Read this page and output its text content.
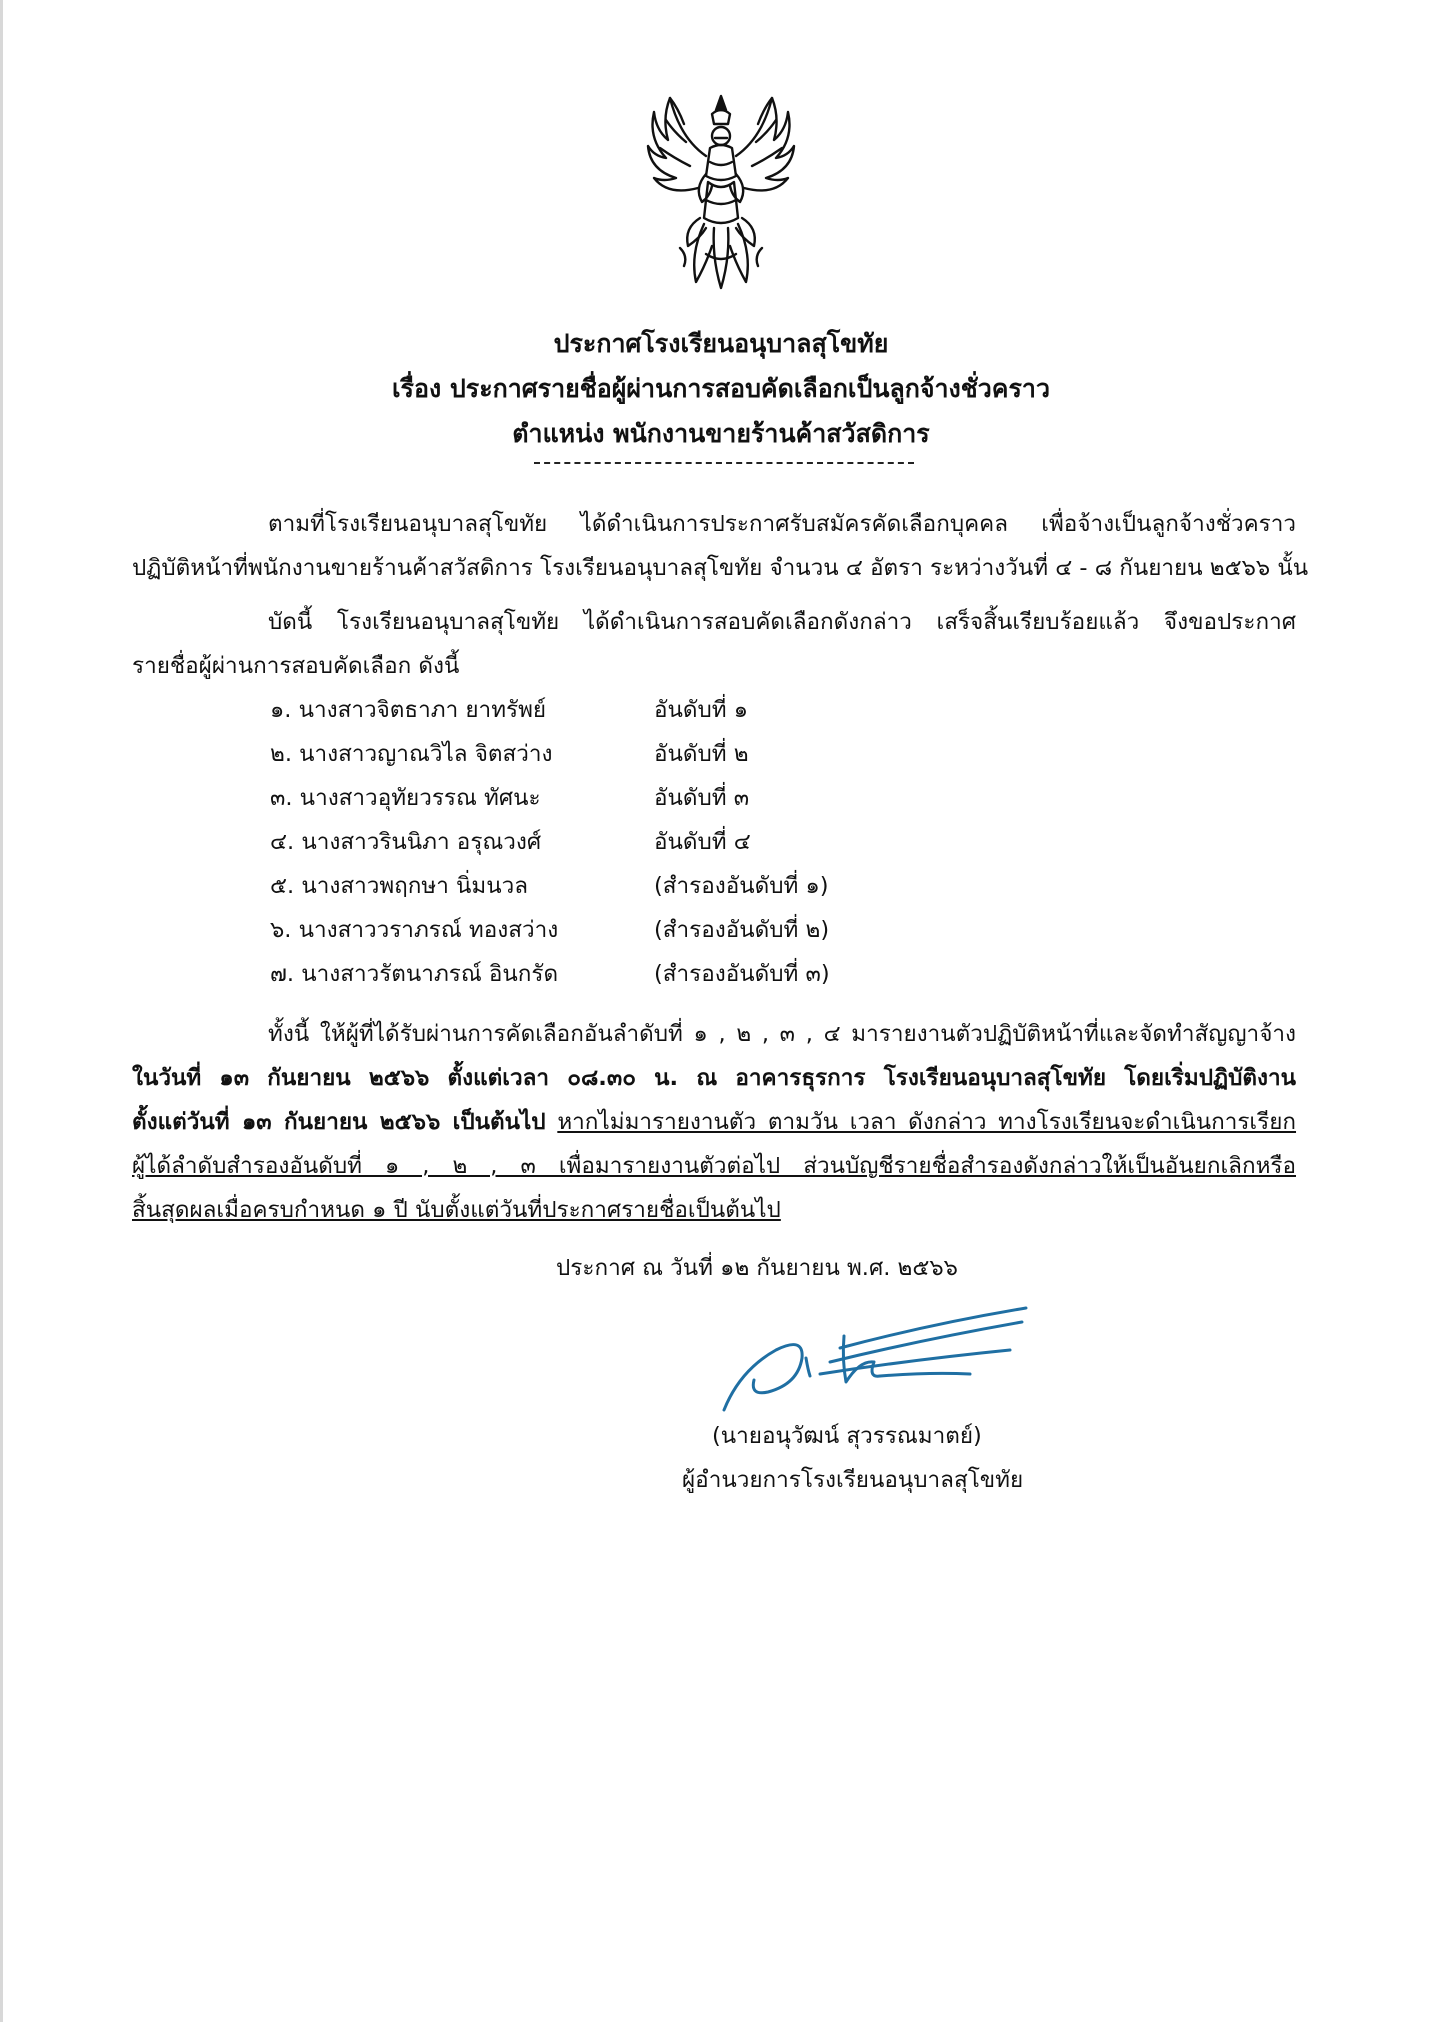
ประกาศโรงเรียนอนุบาลสุโขทัย
เรื่อง ประกาศรายชื่อผู้ผ่านการสอบคัดเลือกเป็นลูกจ้างชั่วคราว
ตำแหน่ง พนักงานขายร้านค้าสวัสดิการ
ตามที่โรงเรียนอนุบาลสุโขทัย ได้ดำเนินการประกาศรับสมัครคัดเลือกบุคคล เพื่อจ้างเป็นลูกจ้างชั่วคราว
ปฏิบัติหน้าที่พนักงานขายร้านค้าสวัสดิการ โรงเรียนอนุบาลสุโขทัย จำนวน ๔ อัตรา ระหว่างวันที่ ๔ - ๘ กันยายน ๒๕๖๖ นั้น
บัดนี้ โรงเรียนอนุบาลสุโขทัย ได้ดำเนินการสอบคัดเลือกดังกล่าว เสร็จสิ้นเรียบร้อยแล้ว จึงขอประกาศ
รายชื่อผู้ผ่านการสอบคัดเลือก ดังนี้
๑. นางสาวจิตธาภา ยาทรัพย์	อันดับที่ ๑
๒. นางสาวญาณวิไล จิตสว่าง	อันดับที่ ๒
๓. นางสาวอุทัยวรรณ ทัศนะ	อันดับที่ ๓
๔. นางสาวรินนิภา อรุณวงศ์	อันดับที่ ๔
๕. นางสาวพฤกษา นิ่มนวล	(สำรองอันดับที่ ๑)
๖. นางสาววราภรณ์ ทองสว่าง	(สำรองอันดับที่ ๒)
๗. นางสาวรัตนาภรณ์ อินกรัด	(สำรองอันดับที่ ๓)
ทั้งนี้ ให้ผู้ที่ได้รับผ่านการคัดเลือกอันลำดับที่ ๑ , ๒ , ๓ , ๔ มารายงานตัวปฏิบัติหน้าที่และจัดทำสัญญาจ้าง
ในวันที่ ๑๓ กันยายน ๒๕๖๖ ตั้งแต่เวลา ๐๘.๓๐ น. ณ อาคารธุรการ โรงเรียนอนุบาลสุโขทัย โดยเริ่มปฏิบัติงาน
ตั้งแต่วันที่ ๑๓ กันยายน ๒๕๖๖ เป็นต้นไป หากไม่มารายงานตัว ตามวัน เวลา ดังกล่าว ทางโรงเรียนจะดำเนินการเรียก
ผู้ได้ลำดับสำรองอันดับที่ ๑ , ๒ , ๓ เพื่อมารายงานตัวต่อไป ส่วนบัญชีรายชื่อสำรองดังกล่าวให้เป็นอันยกเลิกหรือ
สิ้นสุดผลเมื่อครบกำหนด ๑ ปี นับตั้งแต่วันที่ประกาศรายชื่อเป็นต้นไป
ประกาศ ณ วันที่ ๑๒ กันยายน พ.ศ. ๒๕๖๖
(นายอนุวัฒน์ สุวรรณมาตย์)
ผู้อำนวยการโรงเรียนอนุบาลสุโขทัย
